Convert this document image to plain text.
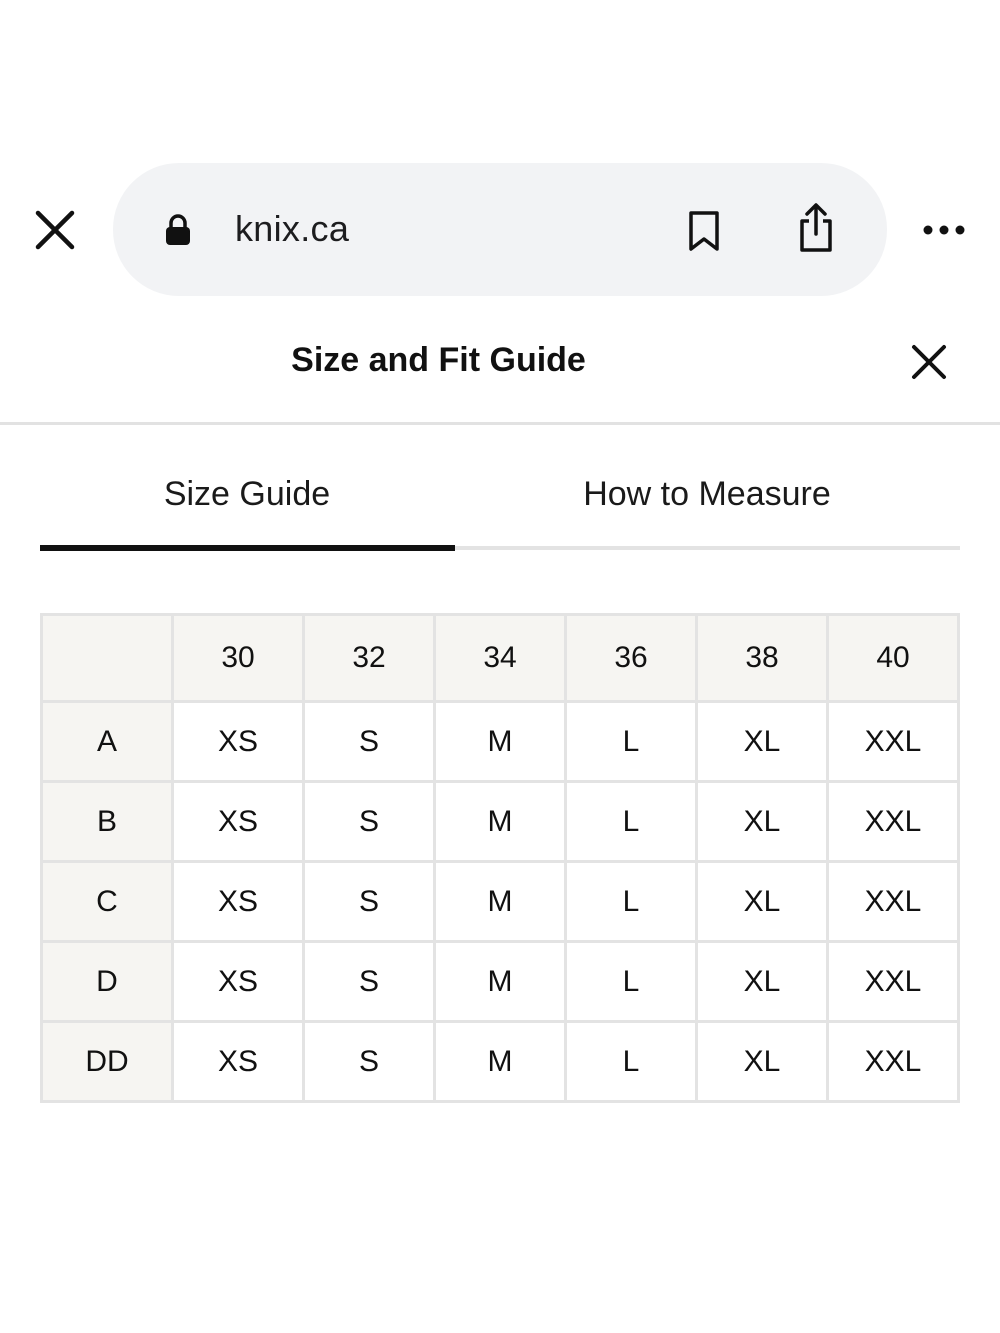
knix.ca
Size and Fit Guide
Size Guide	How to Measure
	30	32	34	36	38	40
A	XS	S	M	L	XL	XXL
B	XS	S	M	L	XL	XXL
C	XS	S	M	L	XL	XXL
D	XS	S	M	L	XL	XXL
DD	XS	S	M	L	XL	XXL
